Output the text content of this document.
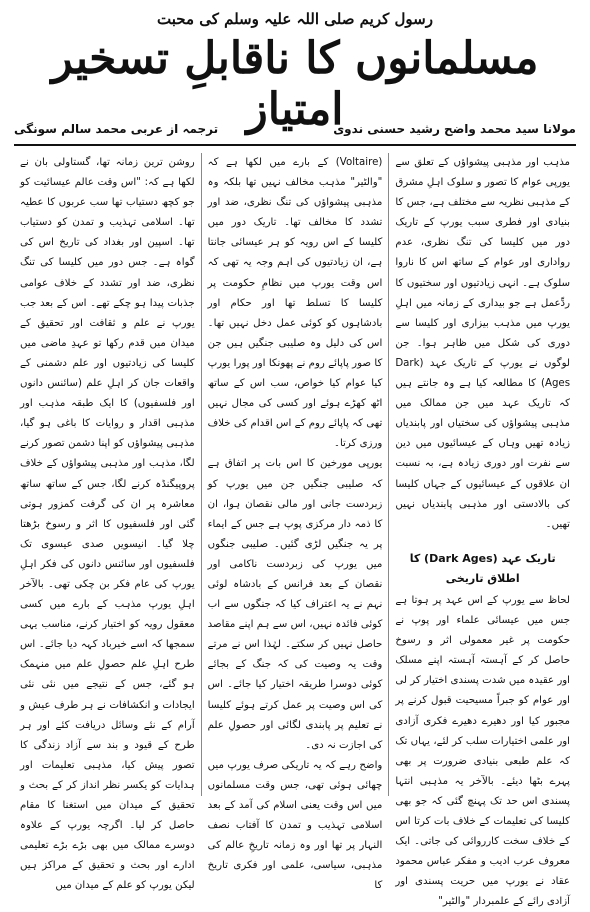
رسول کریم صلی اللہ علیہ وسلم کی محبت
مسلمانوں کا ناقابلِ تسخیر امتیاز
مولانا سید محمد واضح رشید حسنی ندوی
ترجمہ از عربی محمد سالم سونگی

مذہب اور مذہبی پیشواؤں کے تعلق سے یورپی عوام کا تصور و سلوک اہلِ مشرق کے مذہبی نظریہ سے مختلف ہے، جس کا بنیادی اور فطری سبب یورپ کے تاریک دور میں کلیسا کی تنگ نظری، عدم رواداری اور عوام کے ساتھ اس کا ناروا سلوک ہے۔ انہی زیادتیوں اور سختیوں کا ردِّعمل ہے جو بیداری کے زمانہ میں اہلِ یورپ میں مذہب بیزاری اور کلیسا سے دوری کی شکل میں ظاہر ہوا۔ جن لوگوں نے یورپ کے تاریک عہد (Dark Ages) کا مطالعہ کیا ہے وہ جانتے ہیں کہ تاریک عہد میں جن ممالک میں مذہبی پیشواؤں کی سختیاں اور پابندیاں زیادہ تھیں وہاں کے عیسائیوں میں دین سے نفرت اور دوری زیادہ ہے، بہ نسبت ان علاقوں کے عیسائیوں کے جہاں کلیسا کی بالادستی اور مذہبی پابندیاں نہیں تھیں۔

تاریک عہد (Dark Ages) کا اطلاق تاریخی

لحاظ سے یورپ کے اس عہد پر ہوتا ہے جس میں عیسائی علماء اور پوپ نے حکومت پر غیر معمولی اثر و رسوخ حاصل کر کے آہستہ آہستہ اپنے مسلک اور عقیدہ میں شدت پسندی اختیار کر لی اور عوام کو جبراً مسیحیت قبول کرنے پر مجبور کیا اور دھیرے دھیرے فکری آزادی اور علمی اختیارات سلب کر لئے، یہاں تک کہ علم طبعی بنیادی ضرورت پر بھی پہرے بٹھا دیئے۔ بالآخر یہ مذہبی انتہا پسندی اس حد تک پہنچ گئی کہ جو بھی کلیسا کی تعلیمات کے خلاف بات کرتا اس کے خلاف سخت کارروائی کی جاتی۔ ایک معروف عرب ادیب و مفکر عباس محمود عقاد نے یورپ میں حریت پسندی اور آزادی رائے کے علمبردار "والٹیر"

(Voltaire) کے بارے میں لکھا ہے کہ "والٹیر" مذہب مخالف نہیں تھا بلکہ وہ مذہبی پیشواؤں کی تنگ نظری، ضد اور تشدد کا مخالف تھا۔ تاریک دور میں کلیسا کے اس رویہ کو ہر عیسائی جانتا ہے، ان زیادتیوں کی اہم وجہ یہ تھی کہ اس وقت یورپ میں نظامِ حکومت پر کلیسا کا تسلط تھا اور حکام اور بادشاہوں کو کوئی عمل دخل نہیں تھا۔ اس کی دلیل وہ صلیبی جنگیں ہیں جن کا صور پاپائے روم نے پھونکا اور پورا یورپ کیا عوام کیا خواص، سب اس کے ساتھ اٹھ کھڑے ہوئے اور کسی کی مجال نہیں تھی کہ پاپائے روم کے اس اقدام کی خلاف ورزی کرتا۔

یورپی مورخین کا اس بات پر اتفاق ہے کہ صلیبی جنگیں جن میں یورپ کو زبردست جانی اور مالی نقصان ہوا، ان کا ذمہ دار مرکزی پوپ ہے جس کے ایماء پر یہ جنگیں لڑی گئیں۔ صلیبی جنگوں میں یورپ کی زبردست ناکامی اور نقصان کے بعد فرانس کے بادشاہ لوئی نہم نے یہ اعتراف کیا کہ جنگوں سے اب کوئی فائدہ نہیں، اس سے ہم اپنے مقاصد حاصل نہیں کر سکتے۔ لہٰذا اس نے مرتے وقت یہ وصیت کی کہ جنگ کے بجائے کوئی دوسرا طریقہ اختیار کیا جائے۔ اس کی اس وصیت پر عمل کرتے ہوئے کلیسا نے تعلیم پر پابندی لگائی اور حصولِ علم کی اجازت نہ دی۔

واضح رہے کہ یہ تاریکی صرف یورپ میں چھائی ہوئی تھی، جس وقت مسلمانوں میں اس وقت یعنی اسلام کی آمد کے بعد اسلامی تہذیب و تمدن کا آفتاب نصف النہار پر تھا اور وہ زمانہ تاریخِ عالم کی مذہبی، سیاسی، علمی اور فکری تاریخ کا

روشن ترین زمانہ تھا، گستاولی بان نے لکھا ہے کہ: "اس وقت عالم عیسائیت کو جو کچھ دستیاب تھا سب عربوں کا عطیہ تھا۔ اسلامی تہذیب و تمدن کو دستیاب تھا۔ اسپین اور بغداد کی تاریخ اس کی گواہ ہے۔ جس دور میں کلیسا کی تنگ نظری، ضد اور تشدد کے خلاف عوامی جذبات پیدا ہو چکے تھے۔ اس کے بعد جب یورپ نے علم و ثقافت اور تحقیق کے میدان میں قدم رکھا تو عہدِ ماضی میں کلیسا کی زیادتیوں اور علم دشمنی کے واقعات جان کر اہلِ علم (سائنس دانوں اور فلسفیوں) کا ایک طبقہ مذہب اور مذہبی اقدار و روایات کا باغی ہو گیا، مذہبی پیشواؤں کو اپنا دشمن تصور کرنے لگا، مذہب اور مذہبی پیشواؤں کے خلاف پروپیگنڈہ کرنے لگا، جس کے ساتھ ساتھ معاشرہ پر ان کی گرفت کمزور ہوتی گئی اور فلسفیوں کا اثر و رسوخ بڑھتا چلا گیا۔ انیسویں صدی عیسوی تک فلسفیوں اور سائنس دانوں کی فکر اہلِ یورپ کی عام فکر بن چکی تھی۔ بالآخر اہلِ یورپ مذہب کے بارے میں کسی معقول رویہ کو اختیار کرنے، مناسب یہی سمجھا کہ اسے خیرباد کہہ دیا جائے۔ اس طرح اہلِ علم حصولِ علم میں منہمک ہو گئے، جس کے نتیجے میں نئی نئی ایجادات و انکشافات نے ہر طرف عیش و آرام کے نئے وسائل دریافت کئے اور ہر طرح کے قیود و بند سے آزاد زندگی کا تصور پیش کیا، مذہبی تعلیمات اور ہدایات کو یکسر نظر انداز کر کے بحث و تحقیق کے میدان میں استغنا کا مقام حاصل کر لیا۔ اگرچہ یورپ کے علاوہ دوسرے ممالک میں بھی بڑے بڑے تعلیمی ادارے اور بحث و تحقیق کے مراکز ہیں لیکن یورپ کو علم کے میدان میں
